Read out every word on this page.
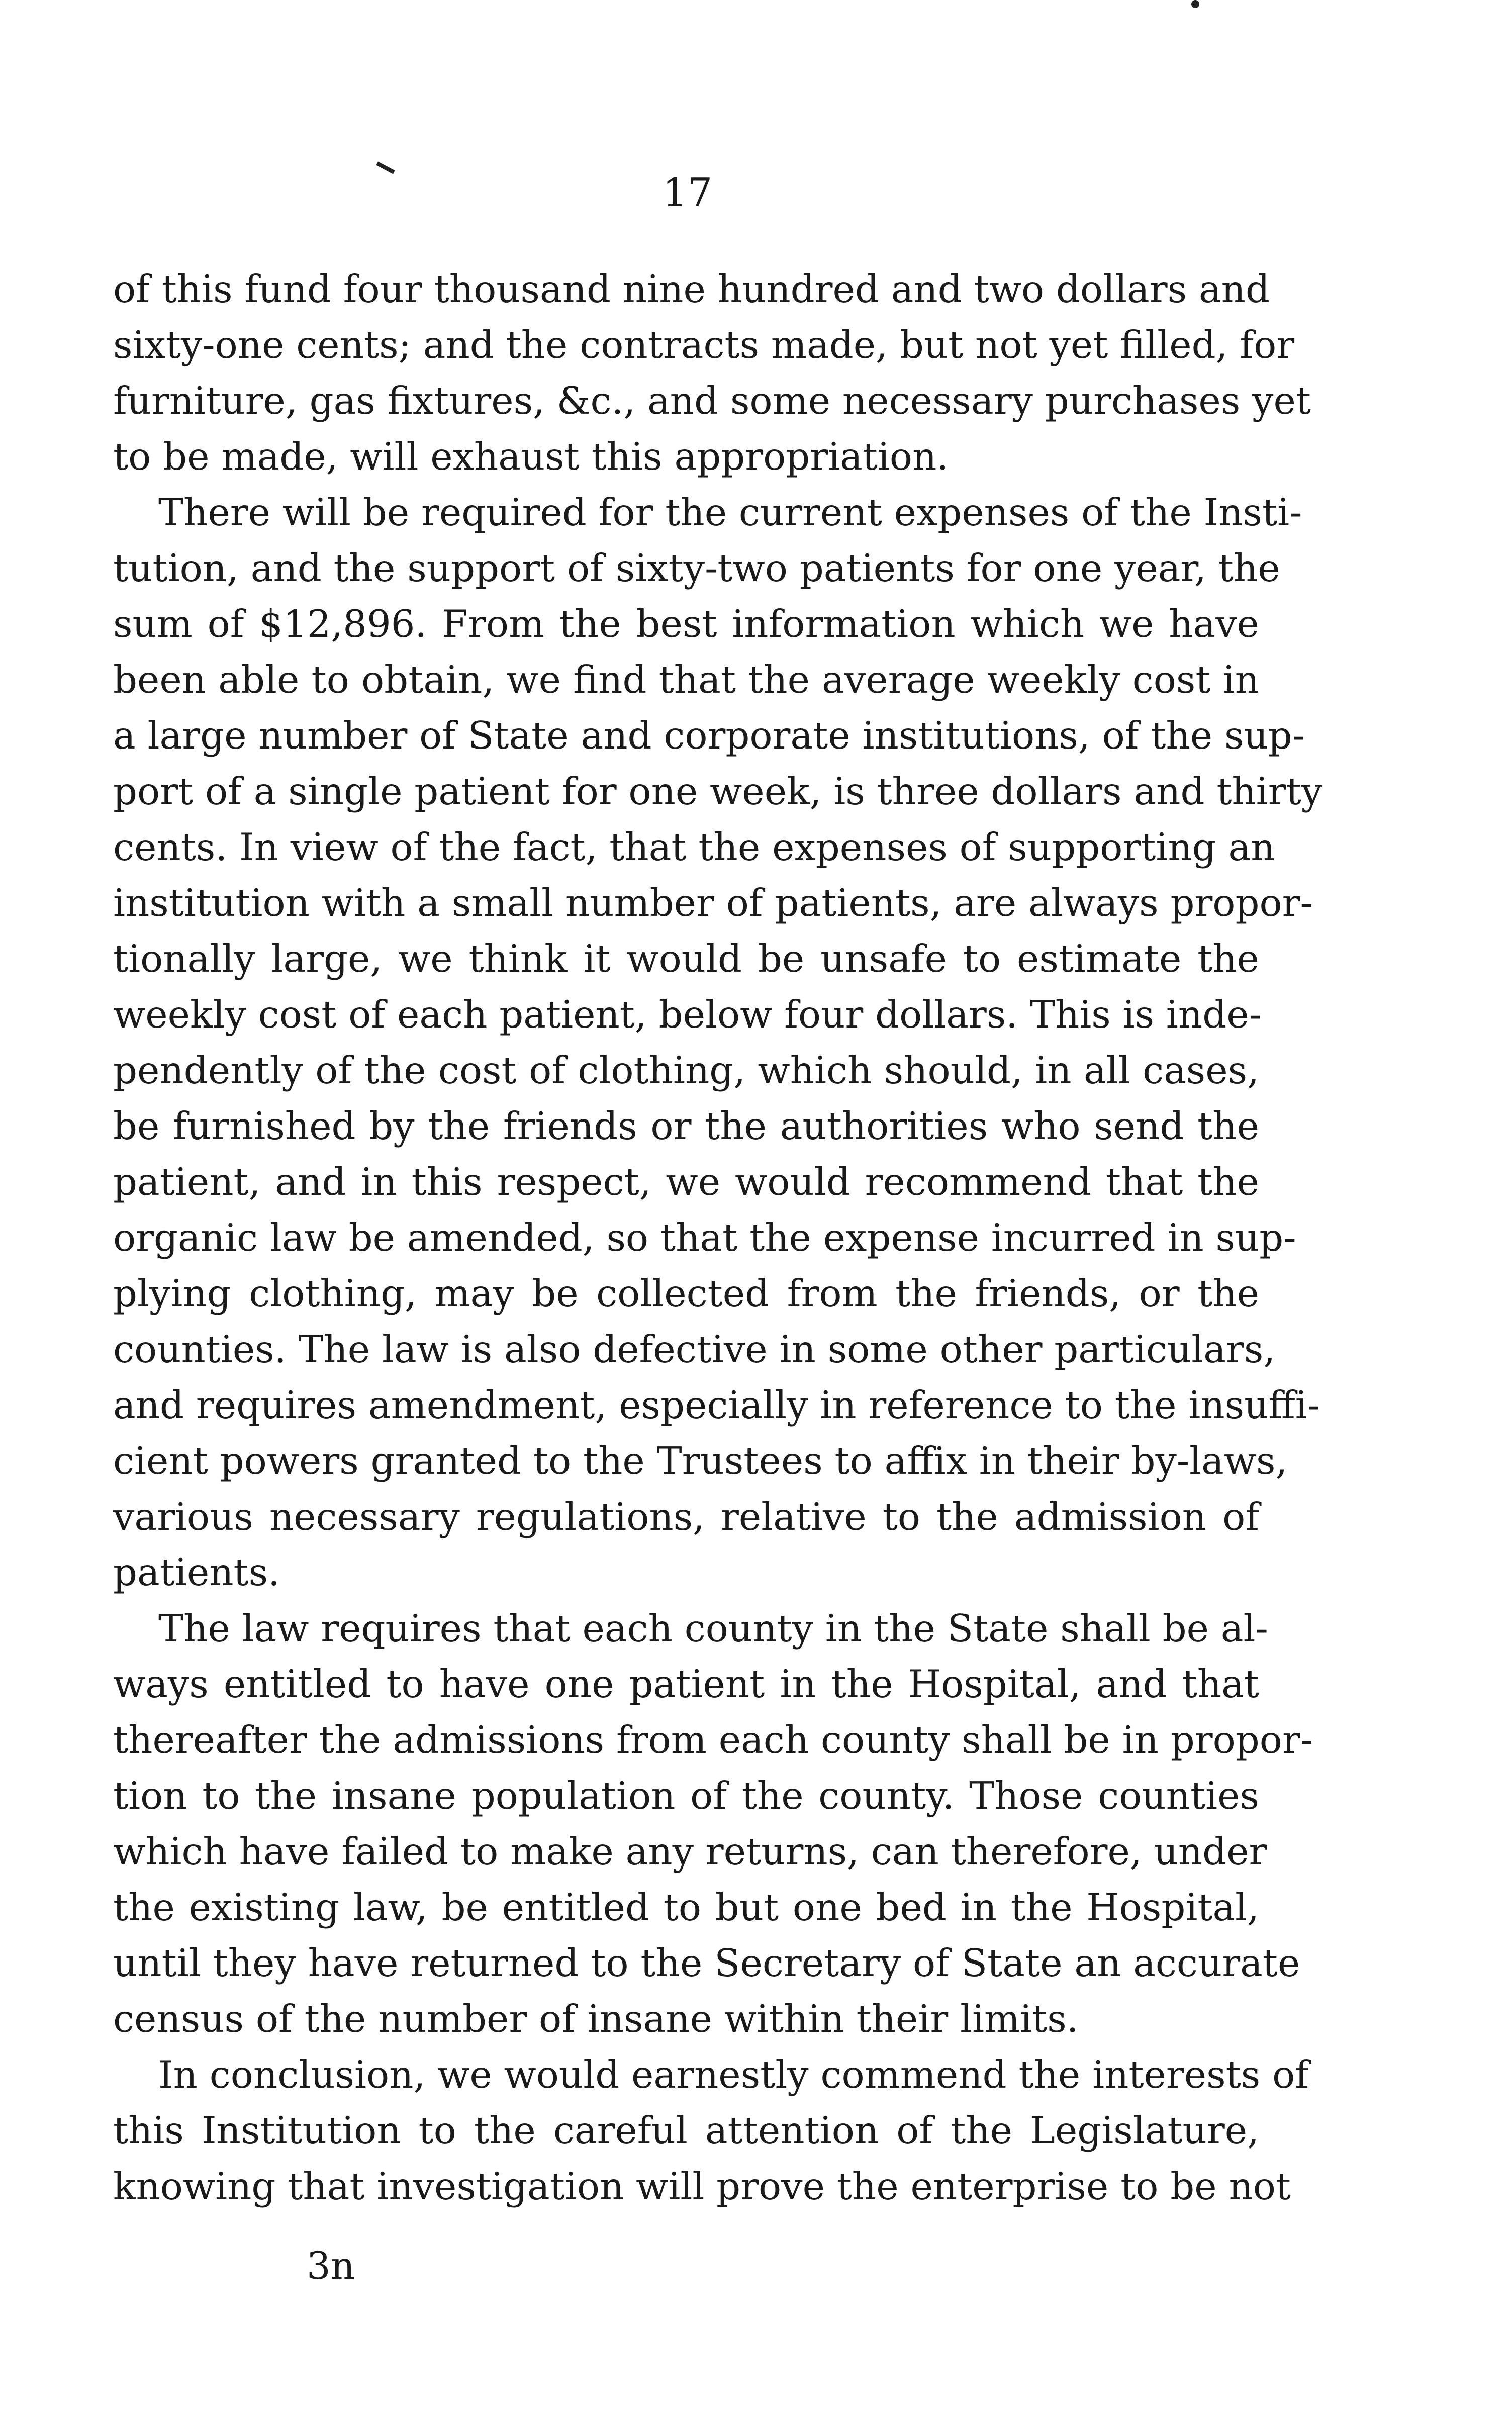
17
of this fund four thousand nine hundred and two dollars and
sixty-one cents; and the contracts made, but not yet filled, for
furniture, gas fixtures, &c., and some necessary purchases yet
to be made, will exhaust this appropriation.
There will be required for the current expenses of the Insti-
tution, and the support of sixty-two patients for one year, the
sum of $12,896. From the best information which we have
been able to obtain, we find that the average weekly cost in
a large number of State and corporate institutions, of the sup-
port of a single patient for one week, is three dollars and thirty
cents. In view of the fact, that the expenses of supporting an
institution with a small number of patients, are always propor-
tionally large, we think it would be unsafe to estimate the
weekly cost of each patient, below four dollars. This is inde-
pendently of the cost of clothing, which should, in all cases,
be furnished by the friends or the authorities who send the
patient, and in this respect, we would recommend that the
organic law be amended, so that the expense incurred in sup-
plying clothing, may be collected from the friends, or the
counties. The law is also defective in some other particulars,
and requires amendment, especially in reference to the insuffi-
cient powers granted to the Trustees to affix in their by-laws,
various necessary regulations, relative to the admission of
patients.
The law requires that each county in the State shall be al-
ways entitled to have one patient in the Hospital, and that
thereafter the admissions from each county shall be in propor-
tion to the insane population of the county. Those counties
which have failed to make any returns, can therefore, under
the existing law, be entitled to but one bed in the Hospital,
until they have returned to the Secretary of State an accurate
census of the number of insane within their limits.
In conclusion, we would earnestly commend the interests of
this Institution to the careful attention of the Legislature,
knowing that investigation will prove the enterprise to be not
3n
